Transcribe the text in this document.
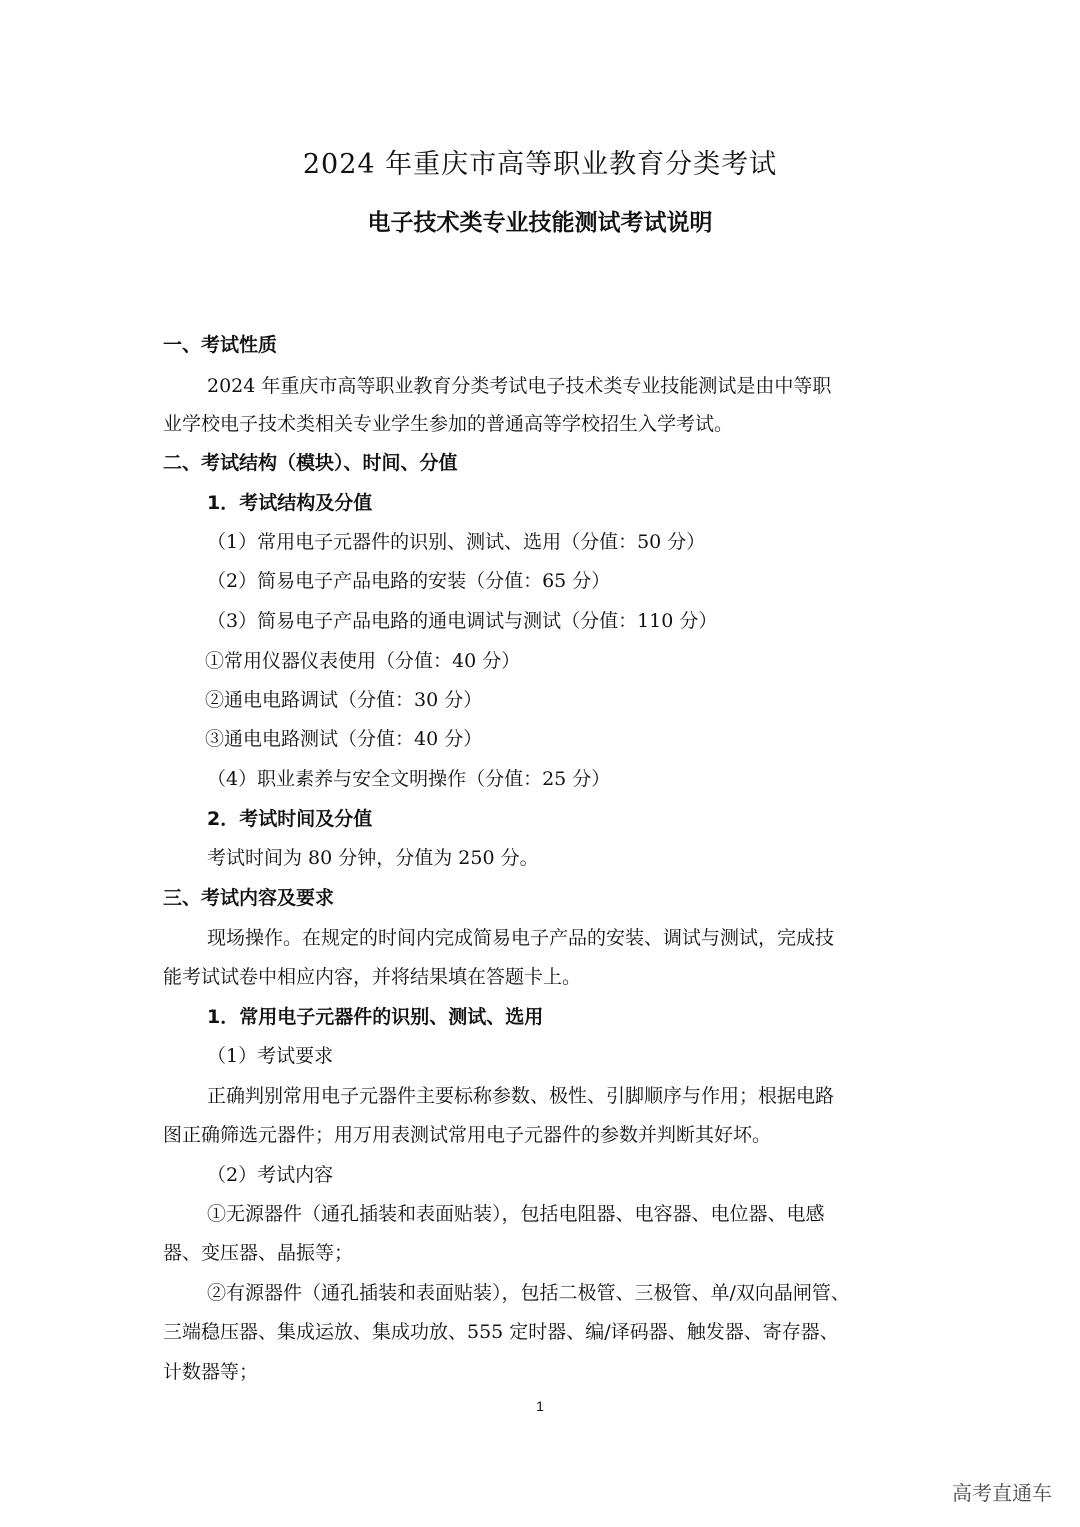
2024 年重庆市高等职业教育分类考试
电子技术类专业技能测试考试说明
一、考试性质
2024 年重庆市高等职业教育分类考试电子技术类专业技能测试是由中等职
业学校电子技术类相关专业学生参加的普通高等学校招生入学考试。
二、考试结构（模块）、时间、分值
1．考试结构及分值
（1）常用电子元器件的识别、测试、选用（分值：50 分）
（2）简易电子产品电路的安装（分值：65 分）
（3）简易电子产品电路的通电调试与测试（分值：110 分）
①常用仪器仪表使用（分值：40 分）
②通电电路调试（分值：30 分）
③通电电路测试（分值：40 分）
（4）职业素养与安全文明操作（分值：25 分）
2．考试时间及分值
考试时间为 80 分钟，分值为 250 分。
三、考试内容及要求
现场操作。在规定的时间内完成简易电子产品的安装、调试与测试，完成技
能考试试卷中相应内容，并将结果填在答题卡上。
1．常用电子元器件的识别、测试、选用
（1）考试要求
正确判别常用电子元器件主要标称参数、极性、引脚顺序与作用；根据电路
图正确筛选元器件；用万用表测试常用电子元器件的参数并判断其好坏。
（2）考试内容
①无源器件（通孔插装和表面贴装），包括电阻器、电容器、电位器、电感
器、变压器、晶振等；
②有源器件（通孔插装和表面贴装），包括二极管、三极管、单/双向晶闸管、
三端稳压器、集成运放、集成功放、555 定时器、编/译码器、触发器、寄存器、
计数器等；
1
高考直通车
